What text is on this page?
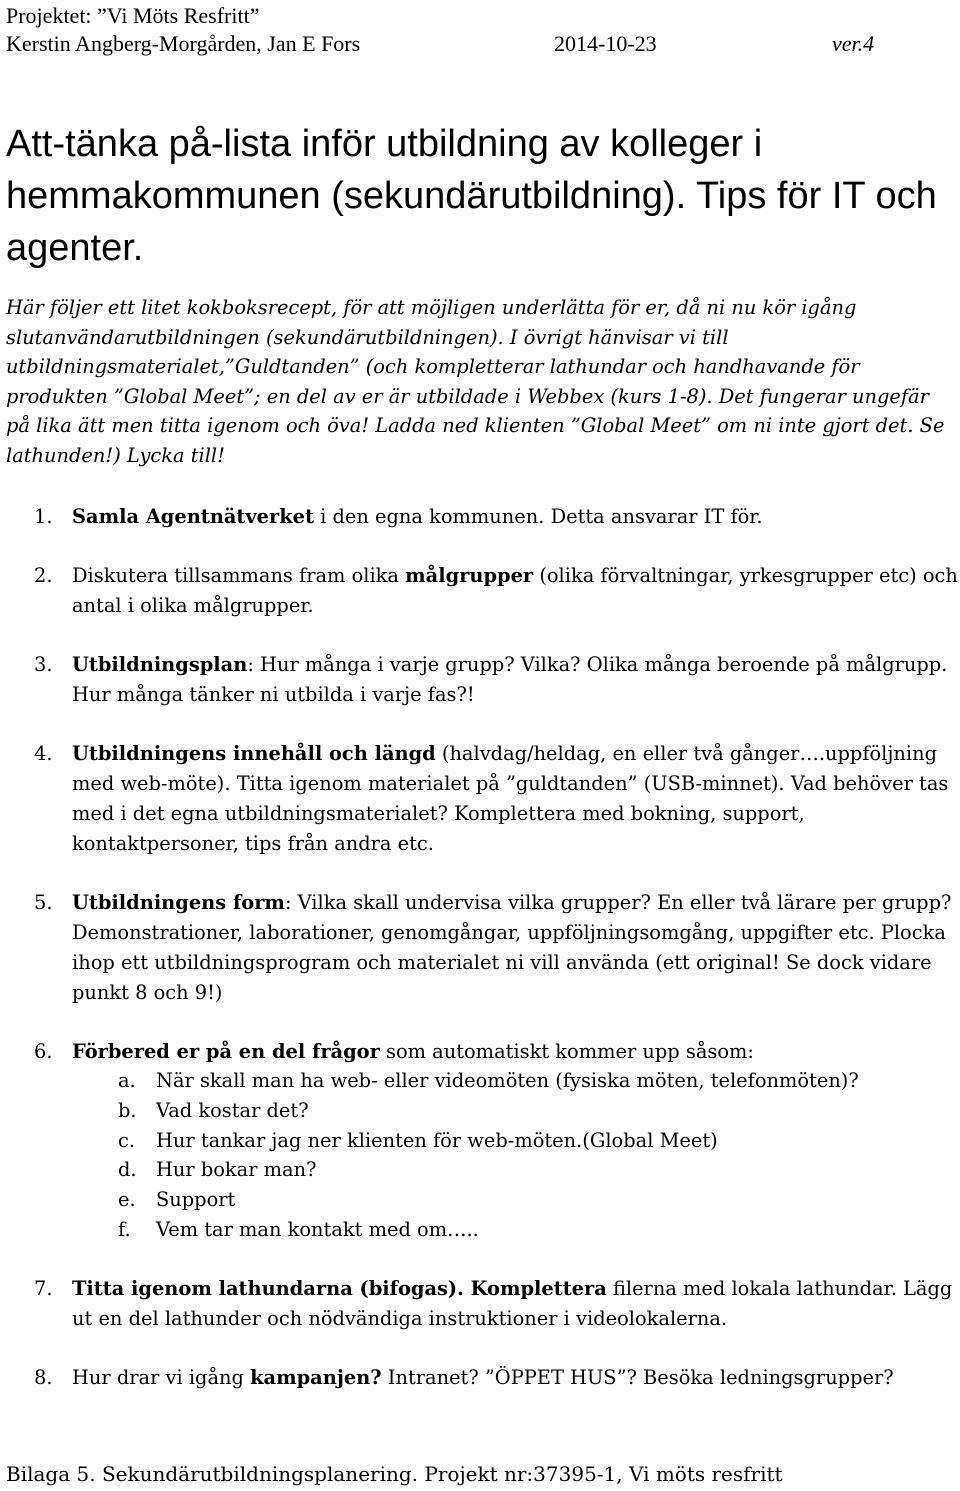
Projektet: ”Vi Möts Resfritt”
Kerstin Angberg-Morgården, Jan E Fors	2014-10-23	ver.4
Att-tänka på-lista inför utbildning av kolleger i hemmakommunen (sekundärutbildning). Tips för IT och agenter.

Här följer ett litet kokboksrecept, för att möjligen underlätta för er, då ni nu kör igång slutanvändarutbildningen (sekundärutbildningen). I övrigt hänvisar vi till utbildningsmaterialet,”Guldtanden” (och kompletterar lathundar och handhavande för produkten ”Global Meet”; en del av er är utbildade i Webbex (kurs 1-8). Det fungerar ungefär på lika ätt men titta igenom och öva! Ladda ned klienten ”Global Meet” om ni inte gjort det. Se lathunden!) Lycka till!

1. Samla Agentnätverket i den egna kommunen. Detta ansvarar IT för.
2. Diskutera tillsammans fram olika målgrupper (olika förvaltningar, yrkesgrupper etc) och antal i olika målgrupper.
3. Utbildningsplan: Hur många i varje grupp? Vilka? Olika många beroende på målgrupp. Hur många tänker ni utbilda i varje fas?!
4. Utbildningens innehåll och längd (halvdag/heldag, en eller två gånger….uppföljning med web-möte). Titta igenom materialet på ”guldtanden” (USB-minnet). Vad behöver tas med i det egna utbildningsmaterialet? Komplettera med bokning, support, kontaktpersoner, tips från andra etc.
5. Utbildningens form: Vilka skall undervisa vilka grupper? En eller två lärare per grupp? Demonstrationer, laborationer, genomgångar, uppföljningsomgång, uppgifter etc. Plocka ihop ett utbildningsprogram och materialet ni vill använda (ett original! Se dock vidare punkt 8 och 9!)
6. Förbered er på en del frågor som automatiskt kommer upp såsom:
a. När skall man ha web- eller videomöten (fysiska möten, telefonmöten)?
b. Vad kostar det?
c. Hur tankar jag ner klienten för web-möten.(Global Meet)
d. Hur bokar man?
e. Support
f. Vem tar man kontakt med om…..
7. Titta igenom lathundarna (bifogas). Komplettera filerna med lokala lathundar. Lägg ut en del lathunder och nödvändiga instruktioner i videolokalerna.
8. Hur drar vi igång kampanjen? Intranet? ”ÖPPET HUS”? Besöka ledningsgrupper?
Bilaga 5. Sekundärutbildningsplanering. Projekt nr:37395-1, Vi möts resfritt
